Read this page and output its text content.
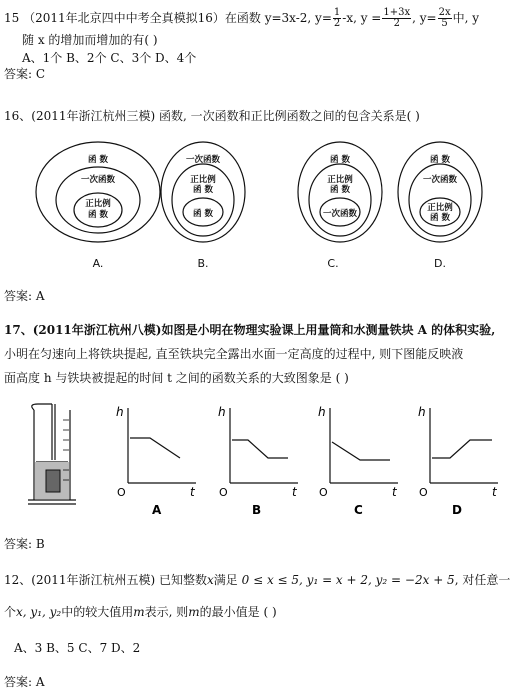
15 （2011年北京四中中考全真模拟16）在函数 y=3x-2, $y= \frac{1}{2} -x$, $y = \frac{1+3x}{2}$ , $y= \frac{2x}{5}$ 中, y
随 x 的增加而增加的有( )
A、1个 B、2个 C、3个 D、4个
答案: C
16、(2011年浙江杭州三模) 函数, 一次函数和正比例函数之间的包含关系是( )
函 数
一次函数
正比例
函 数
一次函数
正比例
函 数
函 数
函 数
正比例
函 数
一次函数
函 数
一次函数
正比例
函 数
A.	B.	C.	D.
答案: A
17、(2011年浙江杭州八模)如图是小明在物理实验课上用量筒和水测量铁块 A 的体积实验,
小明在匀速向上将铁块提起, 直至铁块完全露出水面一定高度的过程中, 则下图能反映液
面高度 h 与铁块被提起的时间 t 之间的函数关系的大致图象是 ( )
h
t
O
A
h
t
O
B
h
t
O
C
h
t
O
D
答案: B
12、(2011年浙江杭州五模) 已知整数x满足 0 ≤ x ≤ 5, y₁ = x + 2, y₂ = −2x + 5, 对任意一
个x, y₁, y₂中的较大值用m表示, 则m的最小值是 ( )
A、3 B、5 C、7 D、2
答案: A
